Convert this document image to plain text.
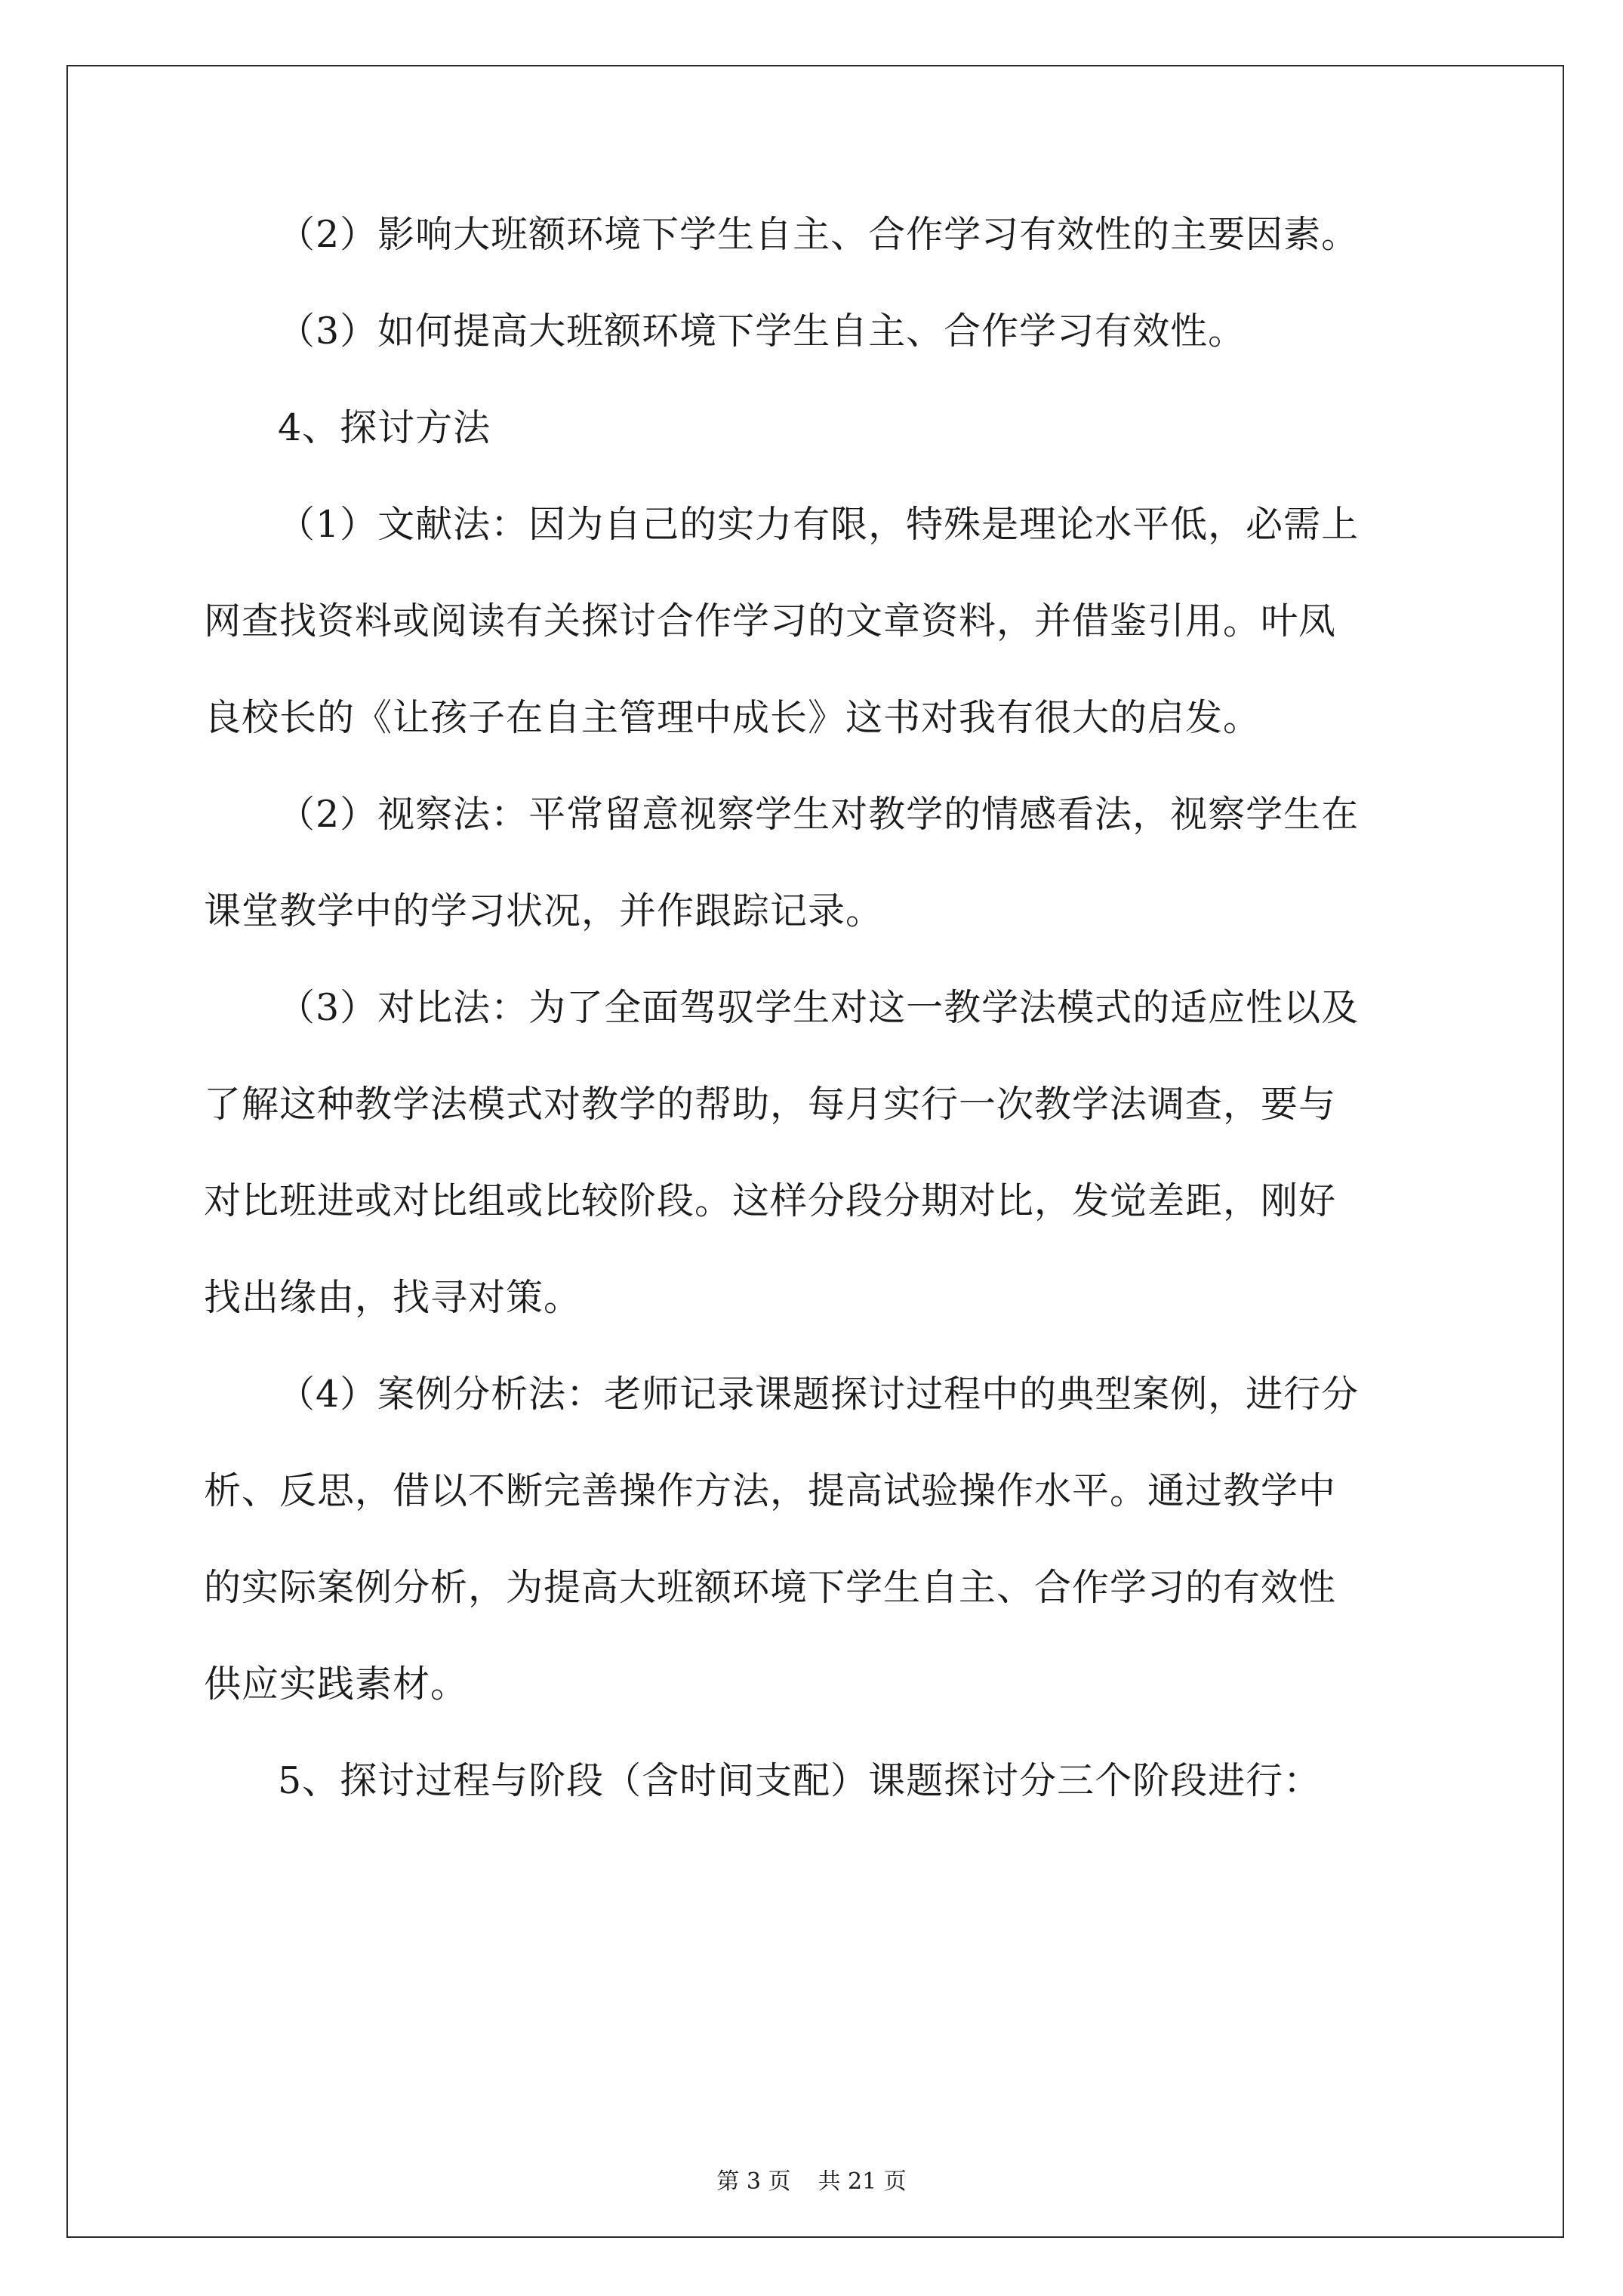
（2）影响大班额环境下学生自主、合作学习有效性的主要因素。
（3）如何提高大班额环境下学生自主、合作学习有效性。
4、探讨方法
（1）文献法：因为自己的实力有限，特殊是理论水平低，必需上
网查找资料或阅读有关探讨合作学习的文章资料，并借鉴引用。叶凤
良校长的《让孩子在自主管理中成长》这书对我有很大的启发。
（2）视察法：平常留意视察学生对教学的情感看法，视察学生在
课堂教学中的学习状况，并作跟踪记录。
（3）对比法：为了全面驾驭学生对这一教学法模式的适应性以及
了解这种教学法模式对教学的帮助，每月实行一次教学法调查，要与
对比班进或对比组或比较阶段。这样分段分期对比，发觉差距，刚好
找出缘由，找寻对策。
（4）案例分析法：老师记录课题探讨过程中的典型案例，进行分
析、反思，借以不断完善操作方法，提高试验操作水平。通过教学中
的实际案例分析，为提高大班额环境下学生自主、合作学习的有效性
供应实践素材。
5、探讨过程与阶段（含时间支配）课题探讨分三个阶段进行：
第 3 页 共 21 页
